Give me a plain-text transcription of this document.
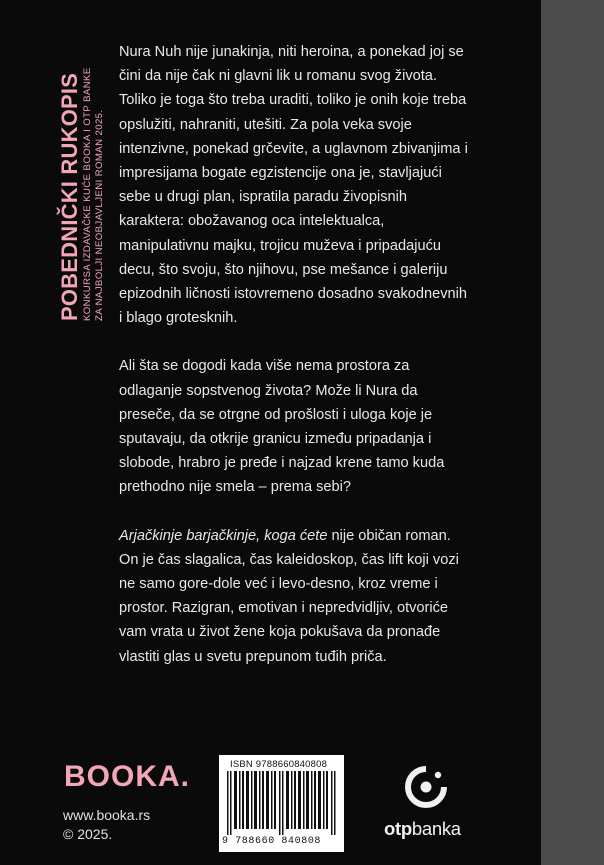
POBEDNIČKI RUKOPIS KONKURSA IZDAVAČKE KUĆE BOOKA I OTP BANKE ZA NAJBOLJI NEOBJAVLJENI ROMAN 2025.

Nura Nuh nije junakinja, niti heroina, a ponekad joj se čini da nije čak ni glavni lik u romanu svog života. Toliko je toga što treba uraditi, toliko je onih koje treba opslužiti, nahraniti, utešiti. Za pola veka svoje intenzivne, ponekad grčevite, a uglavnom zbivanjima i impresijama bogate egzistencije ona je, stavljajući sebe u drugi plan, ispratila paradu živopisnih karaktera: obožavanog oca intelektualca, manipulativnu majku, trojicu muževa i pripadajuću decu, što svoju, što njihovu, pse mešance i galeriju epizodnih ličnosti istovremeno dosadno svakodnevnih i blago grotesknih.

Ali šta se dogodi kada više nema prostora za odlaganje sopstvenog života? Može li Nura da preseče, da se otrgne od prošlosti i uloga koje je sputavaju, da otkrije granicu između pripadanja i slobode, hrabro je pređe i najzad krene tamo kuda prethodno nije smela – prema sebi?

Arjačkinje barjačkinje, koga ćete nije običan roman. On je čas slagalica, čas kaleidoskop, čas lift koji vozi ne samo gore-dole već i levo-desno, kroz vreme i prostor. Razigran, emotivan i nepredvidljiv, otvoriće vam vrata u život žene koja pokušava da pronađe vlastiti glas u svetu prepunom tuđih priča.

BOOKA.
www.booka.rs
© 2025.
ISBN 9788660840808
9 788660 840808
otpbanka
